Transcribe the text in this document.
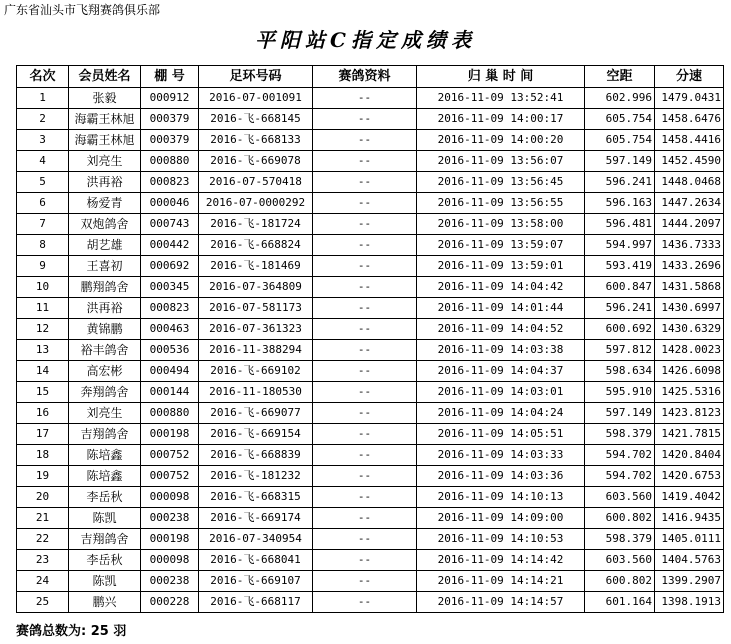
广东省汕头市飞翔赛鸽俱乐部
平阳站C指定成绩表
名次	会员姓名	棚 号	足环号码	赛鸽资料	归 巢 时 间	空距	分速
1	张毅	000912	2016-07-001091	--	2016-11-09 13:52:41	602.996	1479.0431
2	海霸王林旭	000379	2016-飞-668145	--	2016-11-09 14:00:17	605.754	1458.6476
3	海霸王林旭	000379	2016-飞-668133	--	2016-11-09 14:00:20	605.754	1458.4416
4	刘亮生	000880	2016-飞-669078	--	2016-11-09 13:56:07	597.149	1452.4590
5	洪再裕	000823	2016-07-570418	--	2016-11-09 13:56:45	596.241	1448.0468
6	杨爱青	000046	2016-07-0000292	--	2016-11-09 13:56:55	596.163	1447.2634
7	双炮鸽舍	000743	2016-飞-181724	--	2016-11-09 13:58:00	596.481	1444.2097
8	胡艺雄	000442	2016-飞-668824	--	2016-11-09 13:59:07	594.997	1436.7333
9	王喜初	000692	2016-飞-181469	--	2016-11-09 13:59:01	593.419	1433.2696
10	鹏翔鸽舍	000345	2016-07-364809	--	2016-11-09 14:04:42	600.847	1431.5868
11	洪再裕	000823	2016-07-581173	--	2016-11-09 14:01:44	596.241	1430.6997
12	黄锦鹏	000463	2016-07-361323	--	2016-11-09 14:04:52	600.692	1430.6329
13	裕丰鸽舍	000536	2016-11-388294	--	2016-11-09 14:03:38	597.812	1428.0023
14	高宏彬	000494	2016-飞-669102	--	2016-11-09 14:04:37	598.634	1426.6098
15	奔翔鸽舍	000144	2016-11-180530	--	2016-11-09 14:03:01	595.910	1425.5316
16	刘亮生	000880	2016-飞-669077	--	2016-11-09 14:04:24	597.149	1423.8123
17	吉翔鸽舍	000198	2016-飞-669154	--	2016-11-09 14:05:51	598.379	1421.7815
18	陈培鑫	000752	2016-飞-668839	--	2016-11-09 14:03:33	594.702	1420.8404
19	陈培鑫	000752	2016-飞-181232	--	2016-11-09 14:03:36	594.702	1420.6753
20	李岳秋	000098	2016-飞-668315	--	2016-11-09 14:10:13	603.560	1419.4042
21	陈凯	000238	2016-飞-669174	--	2016-11-09 14:09:00	600.802	1416.9435
22	吉翔鸽舍	000198	2016-07-340954	--	2016-11-09 14:10:53	598.379	1405.0111
23	李岳秋	000098	2016-飞-668041	--	2016-11-09 14:14:42	603.560	1404.5763
24	陈凯	000238	2016-飞-669107	--	2016-11-09 14:14:21	600.802	1399.2907
25	鹏兴	000228	2016-飞-668117	--	2016-11-09 14:14:57	601.164	1398.1913
赛鸽总数为: 25 羽
